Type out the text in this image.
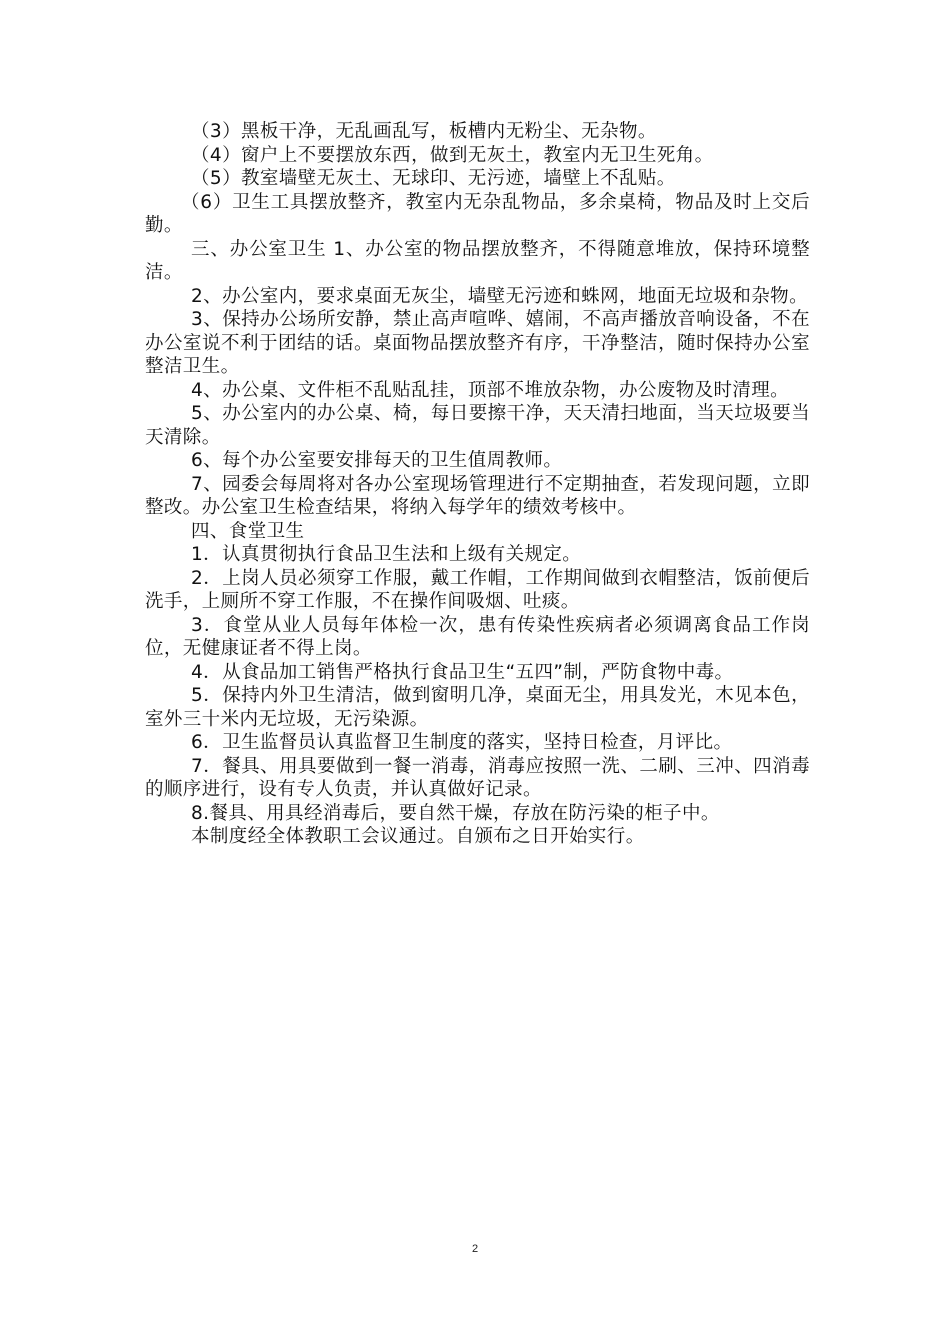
（3）黑板干净，无乱画乱写，板槽内无粉尘、无杂物。

（4）窗户上不要摆放东西，做到无灰土，教室内无卫生死角。

（5）教室墙壁无灰土、无球印、无污迹，墙壁上不乱贴。

（6）卫生工具摆放整齐，教室内无杂乱物品，多余桌椅，物品及时上交后勤。

三、办公室卫生 1、办公室的物品摆放整齐，不得随意堆放，保持环境整洁。

2、办公室内，要求桌面无灰尘，墙壁无污迹和蛛网，地面无垃圾和杂物。

3、保持办公场所安静，禁止高声喧哗、嬉闹，不高声播放音响设备，不在办公室说不利于团结的话。桌面物品摆放整齐有序，干净整洁，随时保持办公室整洁卫生。

4、办公桌、文件柜不乱贴乱挂，顶部不堆放杂物，办公废物及时清理。

5、办公室内的办公桌、椅，每日要擦干净，天天清扫地面，当天垃圾要当天清除。

6、每个办公室要安排每天的卫生值周教师。

7、园委会每周将对各办公室现场管理进行不定期抽查，若发现问题，立即整改。办公室卫生检查结果，将纳入每学年的绩效考核中。

四、食堂卫生

1．认真贯彻执行食品卫生法和上级有关规定。

2．上岗人员必须穿工作服，戴工作帽，工作期间做到衣帽整洁，饭前便后洗手，上厕所不穿工作服，不在操作间吸烟、吐痰。

3．食堂从业人员每年体检一次，患有传染性疾病者必须调离食品工作岗位，无健康证者不得上岗。

4．从食品加工销售严格执行食品卫生“五四”制，严防食物中毒。

5．保持内外卫生清洁，做到窗明几净，桌面无尘，用具发光，木见本色，室外三十米内无垃圾，无污染源。

6．卫生监督员认真监督卫生制度的落实，坚持日检查，月评比。

7．餐具、用具要做到一餐一消毒，消毒应按照一洗、二刷、三冲、四消毒的顺序进行，设有专人负责，并认真做好记录。

8.餐具、用具经消毒后，要自然干燥，存放在防污染的柜子中。

本制度经全体教职工会议通过。自颁布之日开始实行。

2
